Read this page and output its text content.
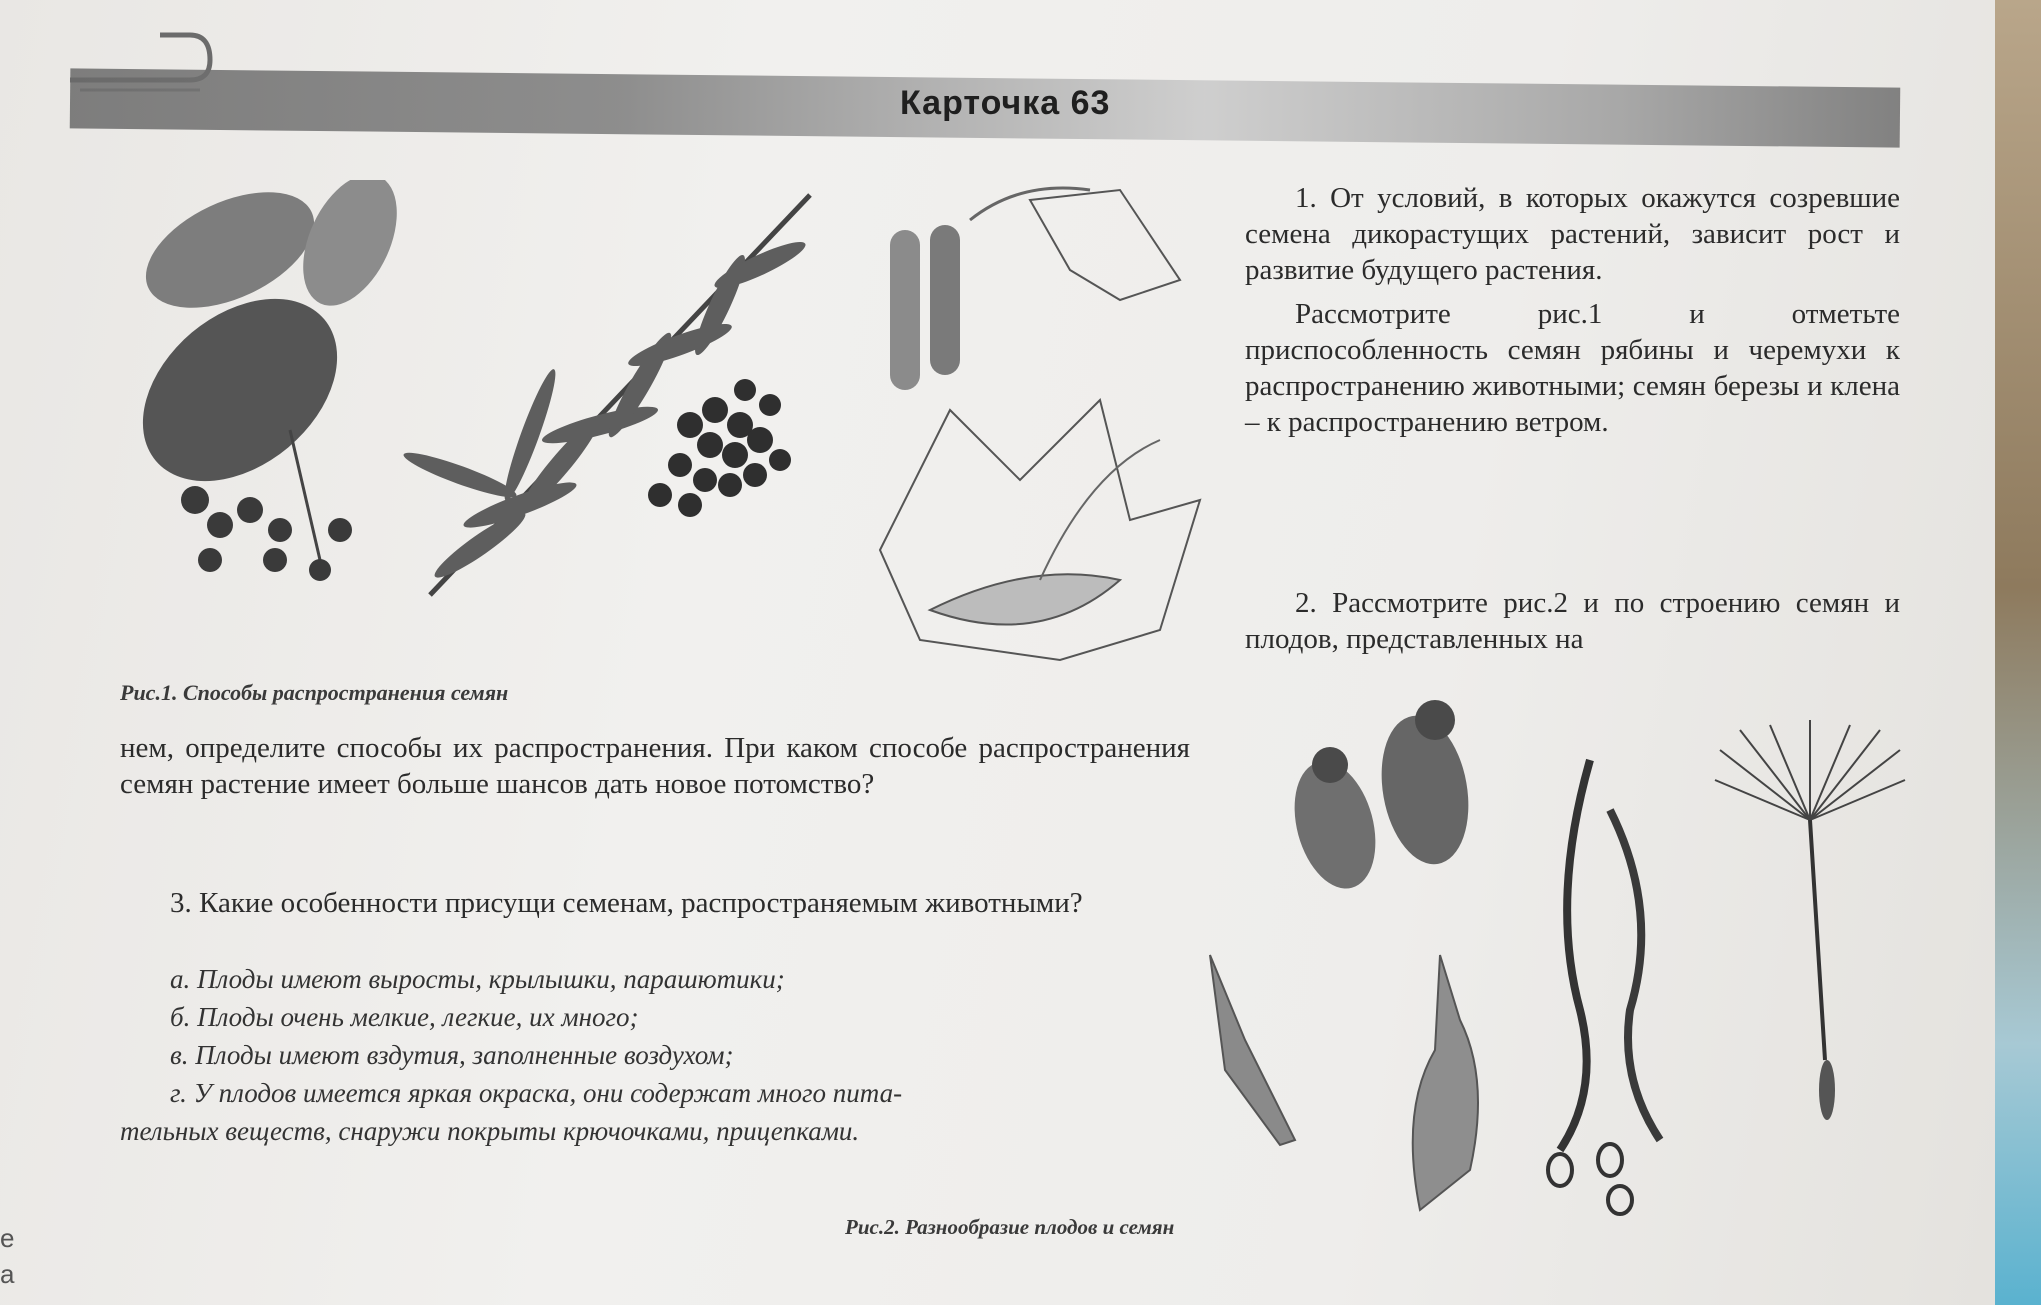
Карточка 63
Рис.1. Способы распространения семян

1. От условий, в которых окажутся созревшие семена дикорастущих растений, зависит рост и развитие будущего растения.

Рассмотрите рис.1 и отметьте приспособленность семян рябины и черемухи к распространению животными; семян березы и клена – к распространению ветром.

2. Рассмотрите рис.2 и по строению семян и плодов, представленных на

нем, определите способы их распространения. При каком способе распространения семян растение имеет больше шансов дать новое потомство?

3. Какие особенности присущи семенам, распространяемым животными?

а. Плоды имеют выросты, крылышки, парашютики;
б. Плоды очень мелкие, легкие, их много;
в. Плоды имеют вздутия, заполненные воздухом;
г. У плодов имеется яркая окраска, они содержат много пита-
тельных веществ, снаружи покрыты крючочками, прицепками.
Рис.2. Разнообразие плодов и семян
е
а
